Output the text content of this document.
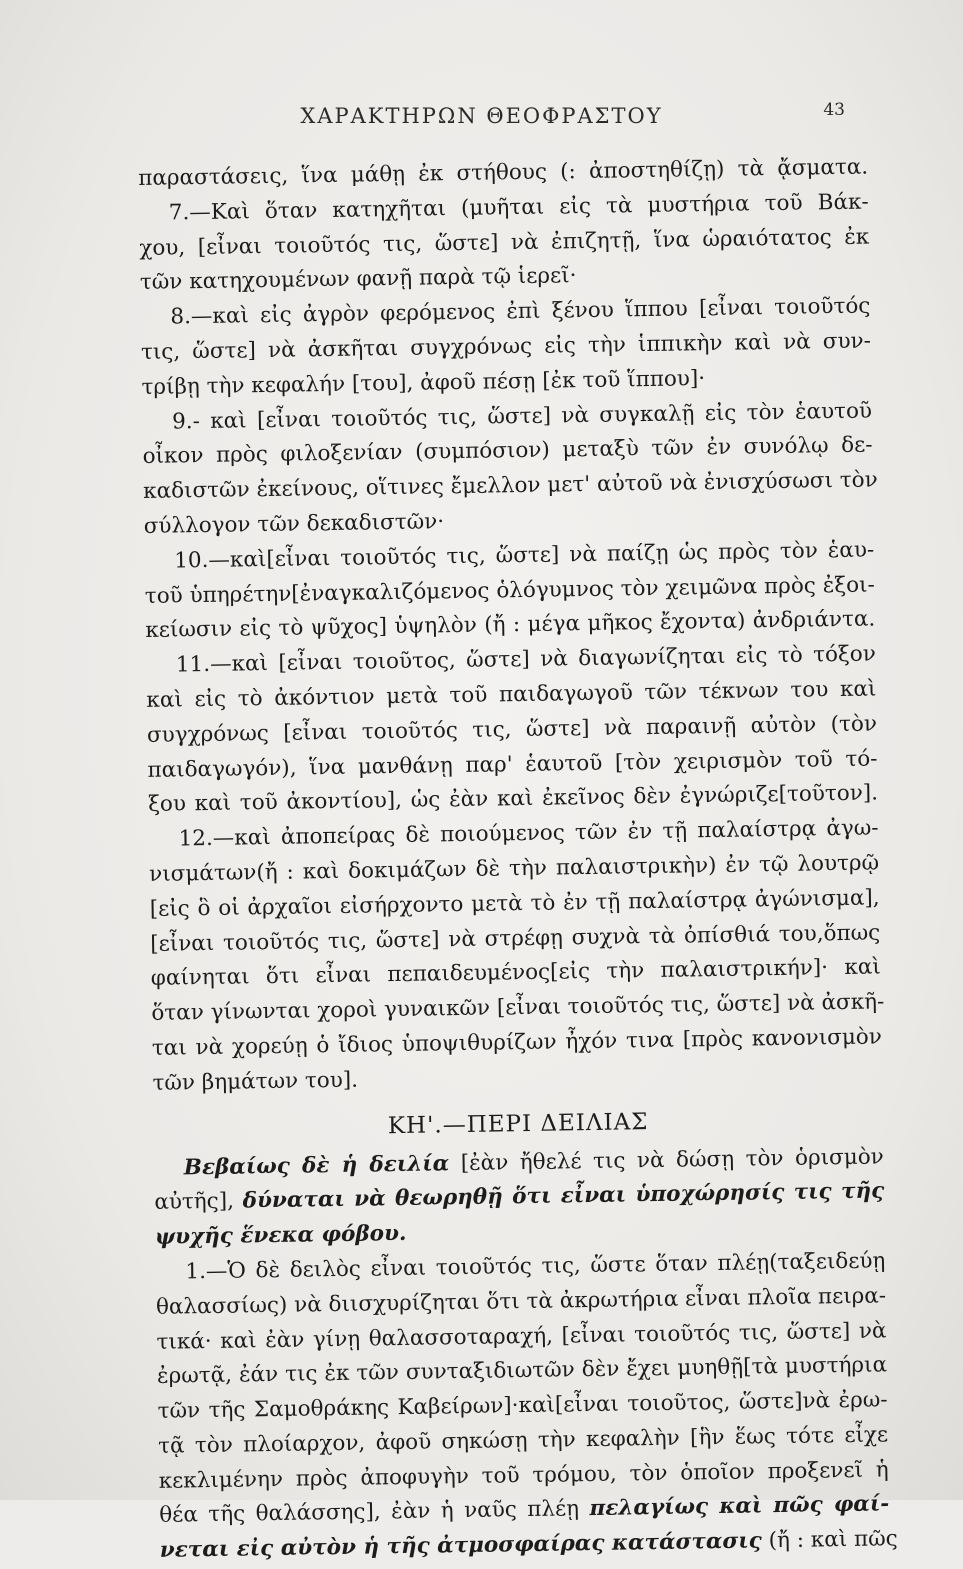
ΧΑΡΑΚΤΗΡΩΝ ΘΕΟΦΡΑΣΤΟΥ	43
παραστάσεις, ἵνα μάθῃ ἐκ στήθους (: ἀποστηθίζῃ) τὰ ᾄσματα.
7.—Καὶ ὅταν κατηχῆται (μυῆται εἰς τὰ μυστήρια τοῦ Βάκ-
χου, [εἶναι τοιοῦτός τις, ὥστε] νὰ ἐπιζητῇ, ἵνα ὡραιότατος ἐκ
τῶν κατηχουμένων φανῇ παρὰ τῷ ἱερεῖ·
8.—καὶ εἰς ἀγρὸν φερόμενος ἐπὶ ξένου ἵππου [εἶναι τοιοῦτός
τις, ὥστε] νὰ ἀσκῆται συγχρόνως εἰς τὴν ἱππικὴν καὶ νὰ συν-
τρίβῃ τὴν κεφαλήν [του], ἀφοῦ πέσῃ [ἐκ τοῦ ἵππου]·
9.- καὶ [εἶναι τοιοῦτός τις, ὥστε] νὰ συγκαλῇ εἰς τὸν ἑαυτοῦ
οἶκον πρὸς φιλοξενίαν (συμπόσιον) μεταξὺ τῶν ἐν συνόλῳ δε-
καδιστῶν ἐκείνους, οἵτινες ἔμελλον μετ' αὐτοῦ νὰ ἐνισχύσωσι τὸν
σύλλογον τῶν δεκαδιστῶν·
10.—καὶ[εἶναι τοιοῦτός τις, ὥστε] νὰ παίζῃ ὡς πρὸς τὸν ἑαυ-
τοῦ ὑπηρέτην[ἐναγκαλιζόμενος ὁλόγυμνος τὸν χειμῶνα πρὸς ἐξοι-
κείωσιν εἰς τὸ ψῦχος] ὑψηλὸν (ἤ : μέγα μῆκος ἔχοντα) ἀνδριάντα.
11.—καὶ [εἶναι τοιοῦτος, ὥστε] νὰ διαγωνίζηται εἰς τὸ τόξον
καὶ εἰς τὸ ἀκόντιον μετὰ τοῦ παιδαγωγοῦ τῶν τέκνων του καὶ
συγχρόνως [εἶναι τοιοῦτός τις, ὥστε] νὰ παραινῇ αὐτὸν (τὸν
παιδαγωγόν), ἵνα μανθάνῃ παρ' ἑαυτοῦ [τὸν χειρισμὸν τοῦ τό-
ξου καὶ τοῦ ἀκοντίου], ὡς ἐὰν καὶ ἐκεῖνος δὲν ἐγνώριζε[τοῦτον].
12.—καὶ ἀποπείρας δὲ ποιούμενος τῶν ἐν τῇ παλαίστρᾳ ἀγω-
νισμάτων(ἤ : καὶ δοκιμάζων δὲ τὴν παλαιστρικὴν) ἐν τῷ λουτρῷ
[εἰς ὃ οἱ ἀρχαῖοι εἰσήρχοντο μετὰ τὸ ἐν τῇ παλαίστρᾳ ἀγώνισμα],
[εἶναι τοιοῦτός τις, ὥστε] νὰ στρέφῃ συχνὰ τὰ ὀπίσθιά του,ὅπως
φαίνηται ὅτι εἶναι πεπαιδευμένος[εἰς τὴν παλαιστρικήν]· καὶ
ὅταν γίνωνται χοροὶ γυναικῶν [εἶναι τοιοῦτός τις, ὥστε] νὰ ἀσκῆ-
ται νὰ χορεύῃ ὁ ἴδιος ὑποψιθυρίζων ἦχόν τινα [πρὸς κανονισμὸν
τῶν βημάτων του].
ΚΗ'.—ΠΕΡΙ ΔΕΙΛΙΑΣ
Βεβαίως δὲ ἡ δειλία [ἐὰν ἤθελέ τις νὰ δώσῃ τὸν ὁρισμὸν
αὐτῆς], δύναται νὰ θεωρηθῇ ὅτι εἶναι ὑποχώρησίς τις τῆς
ψυχῆς ἕνεκα φόβου.
1.—Ὁ δὲ δειλὸς εἶναι τοιοῦτός τις, ὥστε ὅταν πλέῃ(ταξειδεύῃ
θαλασσίως) νὰ διισχυρίζηται ὅτι τὰ ἀκρωτήρια εἶναι πλοῖα πειρα-
τικά· καὶ ἐὰν γίνῃ θαλασσοταραχή, [εἶναι τοιοῦτός τις, ὥστε] νὰ
ἐρωτᾷ, ἐάν τις ἐκ τῶν συνταξιδιωτῶν δὲν ἔχει μυηθῇ[τὰ μυστήρια
τῶν τῆς Σαμοθράκης Καβείρων]·καὶ[εἶναι τοιοῦτος, ὥστε]νὰ ἐρω-
τᾷ τὸν πλοίαρχον, ἀφοῦ σηκώσῃ τὴν κεφαλὴν [ἣν ἕως τότε εἶχε
κεκλιμένην πρὸς ἀποφυγὴν τοῦ τρόμου, τὸν ὁποῖον προξενεῖ ἡ
θέα τῆς θαλάσσης], ἐὰν ἡ ναῦς πλέῃ πελαγίως καὶ πῶς φαί-
νεται εἰς αὐτὸν ἡ τῆς ἀτμοσφαίρας κατάστασις (ἤ : καὶ πῶς
